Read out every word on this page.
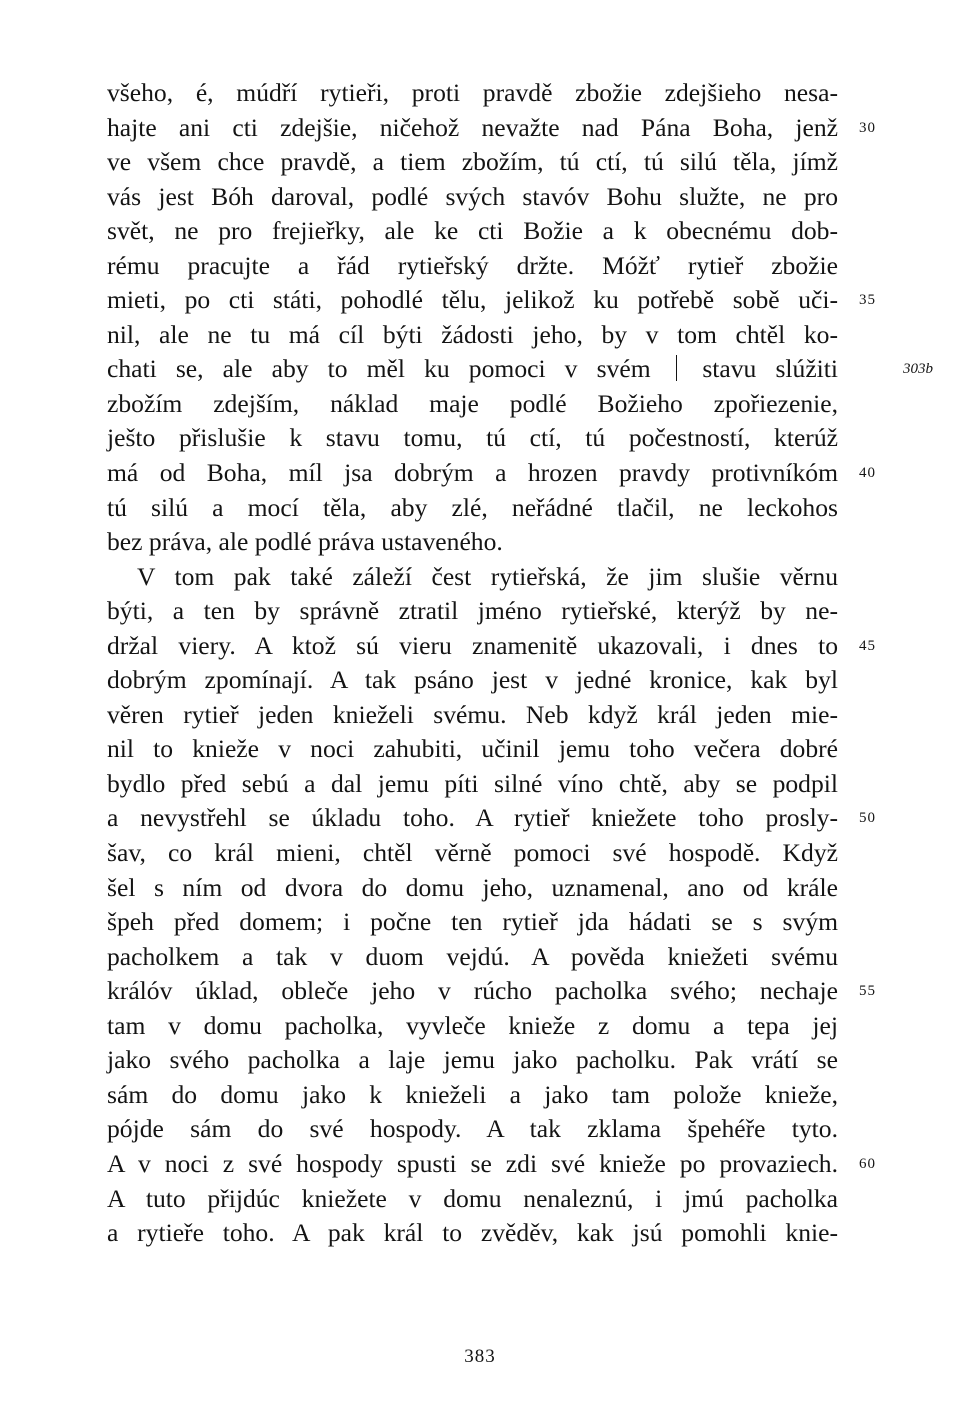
všeho, é, múdří rytieři, proti pravdě zbožie zdejšieho nesa-
hajte ani cti zdejšie, ničehož nevažte nad Pána Boha, jenž 30
ve všem chce pravdě, a tiem zbožím, tú ctí, tú silú těla, jímž
vás jest Bóh daroval, podlé svých stavóv Bohu služte, ne pro
svět, ne pro frejieřky, ale ke cti Božie a k obecnému dob-
rému pracujte a řád rytieřský držte. Móžť rytieř zbožie
mieti, po cti státi, pohodlé tělu, jelikož ku potřebě sobě uči- 35
nil, ale ne tu má cíl býti žádosti jeho, by v tom chtěl ko-
chati se, ale aby to měl ku pomoci v svém stavu slúžiti	303b
zbožím zdejším, náklad maje podlé Božieho zpořiezenie,
ješto přislušie k stavu tomu, tú ctí, tú počestností, kterúž
má od Boha, míl jsa dobrým a hrozen pravdy protivníkóm 40
tú silú a mocí těla, aby zlé, neřádné tlačil, ne leckohos
bez práva, ale podlé práva ustaveného.
V tom pak také záleží čest rytieřská, že jim slušie věrnu
býti, a ten by správně ztratil jméno rytieřské, kterýž by ne-
držal viery. A ktož sú vieru znamenitě ukazovali, i dnes to 45
dobrým zpomínají. A tak psáno jest v jedné kronice, kak byl
věren rytieř jeden knieželi svému. Neb když král jeden mie-
nil to knieže v noci zahubiti, učinil jemu toho večera dobré
bydlo před sebú a dal jemu píti silné víno chtě, aby se podpil
a nevystřehl se úkladu toho. A rytieř kniežete toho prosly- 50
šav, co král mieni, chtěl věrně pomoci své hospodě. Když
šel s ním od dvora do domu jeho, uznamenal, ano od krále
špeh před domem; i počne ten rytieř jda hádati se s svým
pacholkem a tak v duom vejdú. A pověda kniežeti svému
králóv úklad, obleče jeho v rúcho pacholka svého; nechaje 55
tam v domu pacholka, vyvleče knieže z domu a tepa jej
jako svého pacholka a laje jemu jako pacholku. Pak vrátí se
sám do domu jako k knieželi a jako tam polože knieže,
pójde sám do své hospody. A tak zklama špehéře tyto.
A v noci z své hospody spusti se zdi své knieže po provaziech. 60
A tuto přijdúc kniežete v domu nenaleznú, i jmú pacholka
a rytieře toho. A pak král to zvěděv, kak jsú pomohli knie-
383
